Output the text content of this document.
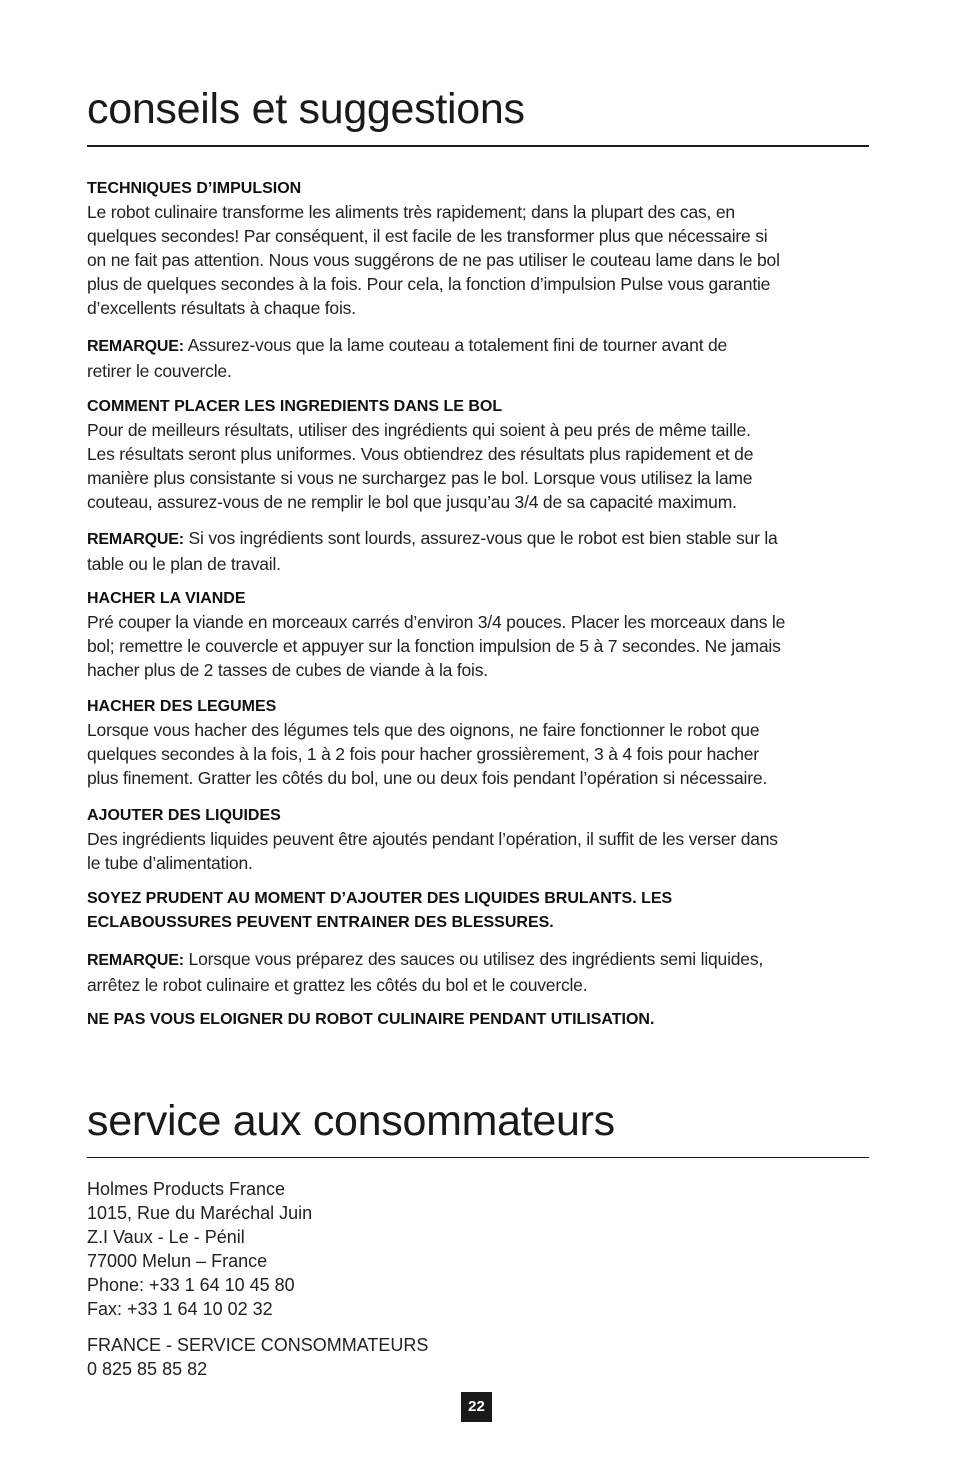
conseils et suggestions

TECHNIQUES D’IMPULSION

Le robot culinaire transforme les aliments très rapidement; dans la plupart des cas, en
quelques secondes! Par conséquent, il est facile de les transformer plus que nécessaire si
on ne fait pas attention. Nous vous suggérons de ne pas utiliser le couteau lame dans le bol
plus de quelques secondes à la fois. Pour cela, la fonction d’impulsion Pulse vous garantie
d’excellents résultats à chaque fois.

REMARQUE: Assurez-vous que la lame couteau a totalement fini de tourner avant de
retirer le couvercle.

COMMENT PLACER LES INGREDIENTS DANS LE BOL

Pour de meilleurs résultats, utiliser des ingrédients qui soient à peu prés de même taille.
Les résultats seront plus uniformes. Vous obtiendrez des résultats plus rapidement et de
manière plus consistante si vous ne surchargez pas le bol. Lorsque vous utilisez la lame
couteau, assurez-vous de ne remplir le bol que jusqu’au 3/4 de sa capacité maximum.

REMARQUE: Si vos ingrédients sont lourds, assurez-vous que le robot est bien stable sur la
table ou le plan de travail.

HACHER LA VIANDE

Pré couper la viande en morceaux carrés d’environ 3/4 pouces. Placer les morceaux dans le
bol; remettre le couvercle et appuyer sur la fonction impulsion de 5 à 7 secondes. Ne jamais
hacher plus de 2 tasses de cubes de viande à la fois.

HACHER DES LEGUMES

Lorsque vous hacher des légumes tels que des oignons, ne faire fonctionner le robot que
quelques secondes à la fois, 1 à 2 fois pour hacher grossièrement, 3 à 4 fois pour hacher
plus finement. Gratter les côtés du bol, une ou deux fois pendant l’opération si nécessaire.

AJOUTER DES LIQUIDES

Des ingrédients liquides peuvent être ajoutés pendant l’opération, il suffit de les verser dans
le tube d’alimentation.

SOYEZ PRUDENT AU MOMENT D’AJOUTER DES LIQUIDES BRULANTS. LES
ECLABOUSSURES PEUVENT ENTRAINER DES BLESSURES.

REMARQUE: Lorsque vous préparez des sauces ou utilisez des ingrédients semi liquides,
arrêtez le robot culinaire et grattez les côtés du bol et le couvercle.

NE PAS VOUS ELOIGNER DU ROBOT CULINAIRE PENDANT UTILISATION.

service aux consommateurs

Holmes Products France

1015, Rue du Maréchal Juin

Z.I Vaux - Le - Pénil

77000 Melun – France

Phone: +33 1 64 10 45 80

Fax: +33 1 64 10 02 32

FRANCE - SERVICE CONSOMMATEURS

0 825 85 85 82

22
